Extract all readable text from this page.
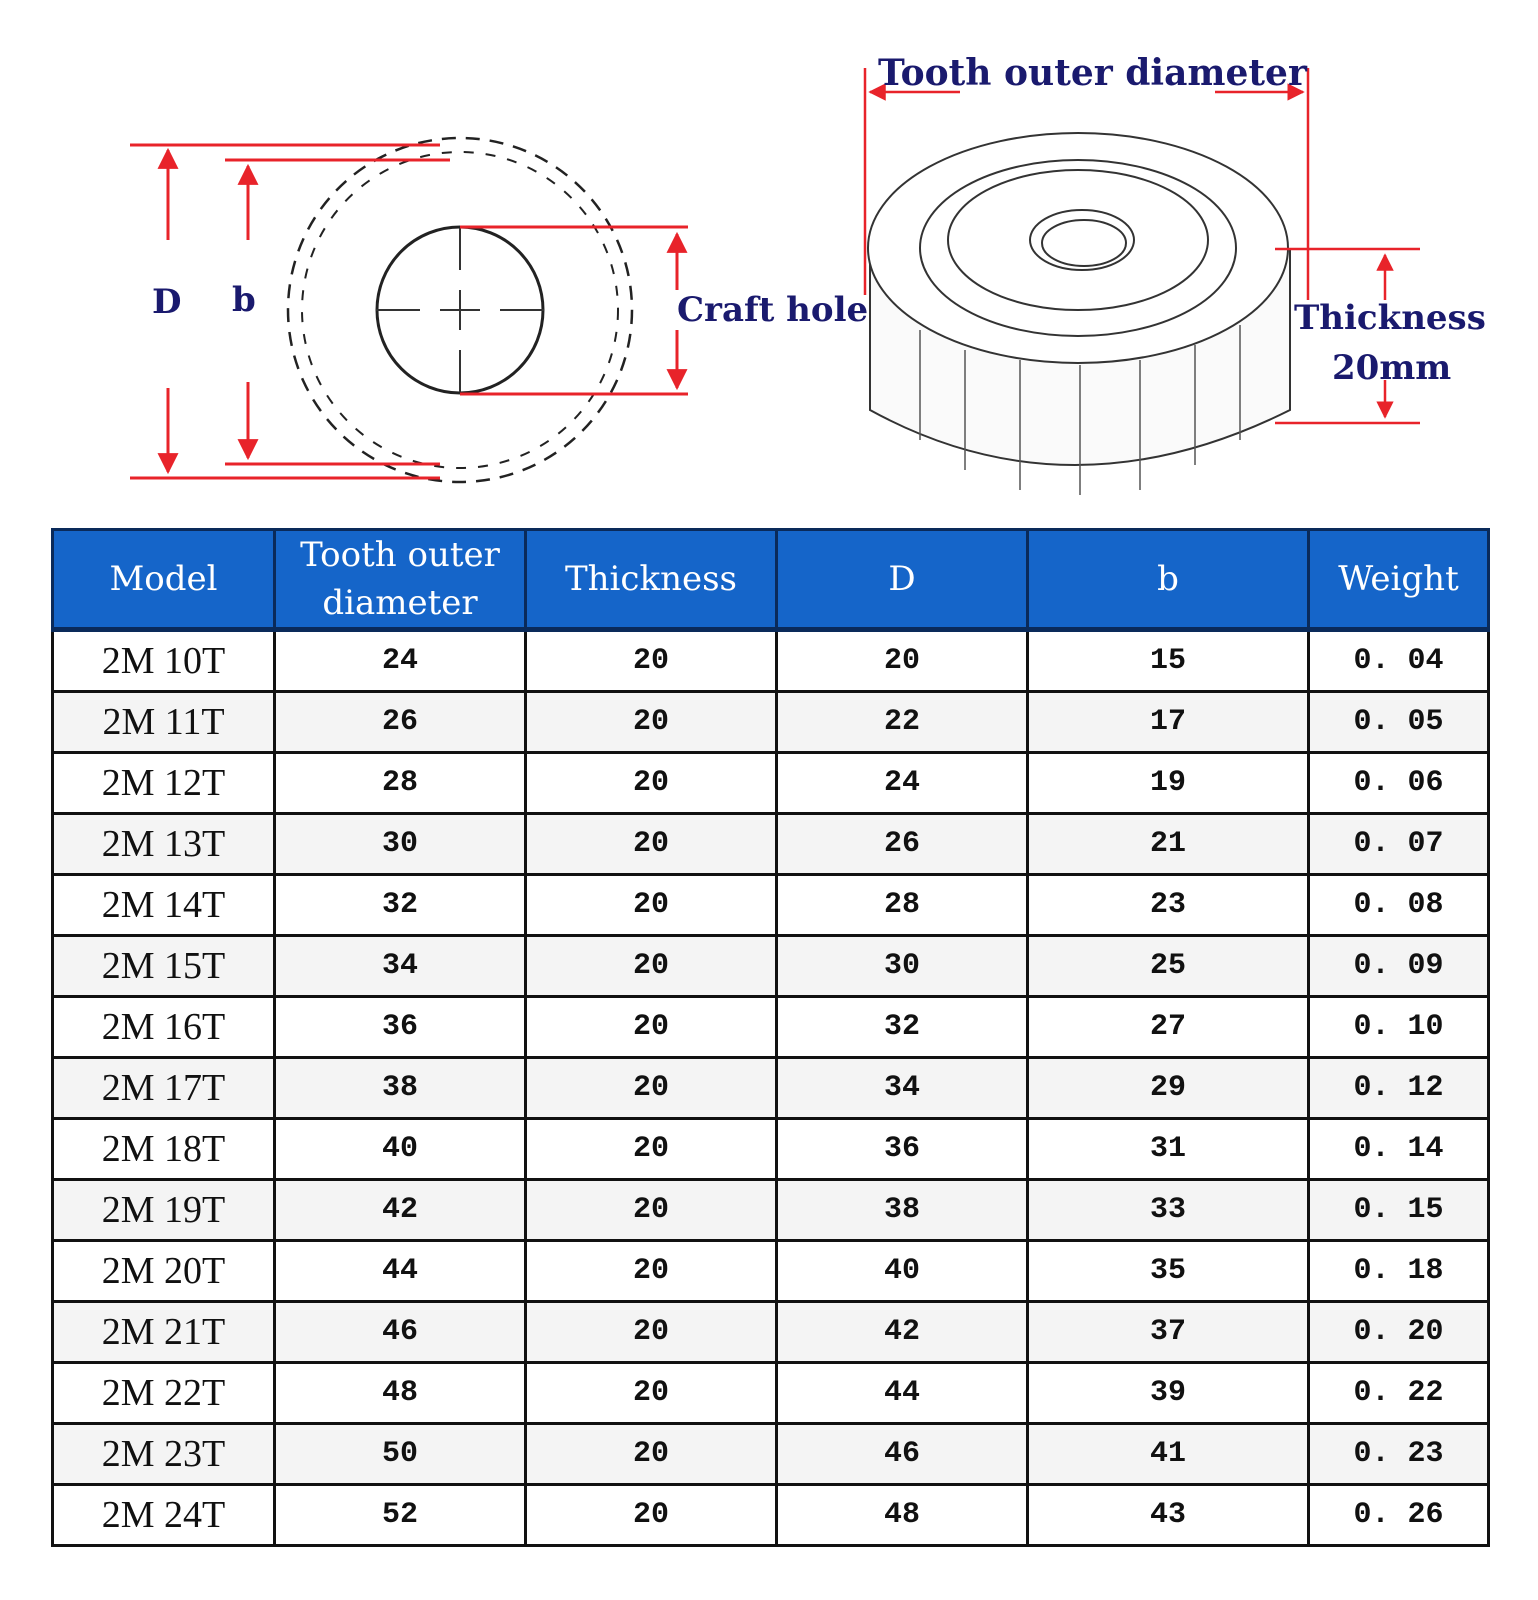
D b	Craft hole
Tooth outer diameter
Thickness
20mm
Model	Tooth outer diameter	Thickness	D	b	Weight
2M 10T	24	20	20	15	0. 04
2M 11T	26	20	22	17	0. 05
2M 12T	28	20	24	19	0. 06
2M 13T	30	20	26	21	0. 07
2M 14T	32	20	28	23	0. 08
2M 15T	34	20	30	25	0. 09
2M 16T	36	20	32	27	0. 10
2M 17T	38	20	34	29	0. 12
2M 18T	40	20	36	31	0. 14
2M 19T	42	20	38	33	0. 15
2M 20T	44	20	40	35	0. 18
2M 21T	46	20	42	37	0. 20
2M 22T	48	20	44	39	0. 22
2M 23T	50	20	46	41	0. 23
2M 24T	52	20	48	43	0. 26
